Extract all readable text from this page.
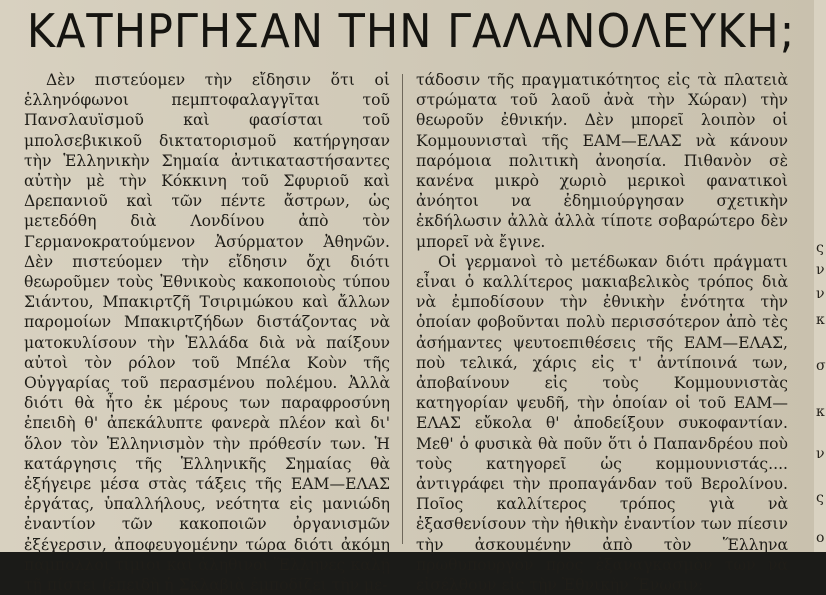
ΚΑΤΗΡΓΗΣΑΝ ΤΗΝ ΓΑΛΑΝΟΛΕΥΚΗ;

Δὲν πιστεύομεν τὴν εἴδησιν ὅτι οἱ ἑλληνόφωνοι πεμπτοφαλαγγῖται τοῦ Πανσλαυϊσμοῦ καὶ φασίσται τοῦ μπολσεβικικοῦ δικτατορισμοῦ κατήργησαν τὴν Ἑλληνικὴν Σημαία ἀντικαταστήσαντες αὐτὴν μὲ τὴν Κόκκινη τοῦ Σφυριοῦ καὶ Δρεπανιοῦ καὶ τῶν πέντε ἄστρων, ὡς μετεδόθη διὰ Λονδίνου ἀπὸ τὸν Γερμανοκρατούμενον Ἀσύρματον Ἀθηνῶν. Δὲν πιστεύομεν τὴν εἴδησιν ὄχι διότι θεωροῦμεν τοὺς Ἐθνικοὺς κακοποιοὺς τύπου Σιάντου, Μπακιρτζῆ Τσιριμώκου καὶ ἄλλων παρομοίων Μπακιρτζήδων διστάζοντας νὰ ματοκυλίσουν τὴν Ἑλλάδα διὰ νὰ παίξουν αὐτοὶ τὸν ρόλον τοῦ Μπέλα Κοὺν τῆς Οὐγγαρίας τοῦ περασμένου πολέμου. Ἀλλὰ διότι θὰ ἦτο ἐκ μέρους των παραφροσύνη ἐπειδὴ θ' ἀπεκάλυπτε φανερὰ πλέον καὶ δι' ὅλον τὸν Ἑλληνισμὸν τὴν πρόθεσίν των. Ἡ κατάργησις τῆς Ἑλληνικῆς Σημαίας θὰ ἐξήγειρε μέσα στὰς τάξεις τῆς ΕΑΜ—ΕΛΑΣ ἐργάτας, ὑπαλλήλους, νεότητα εἰς μανιώδη ἐναντίον τῶν κακοποιῶν ὀργανισμῶν ἐξέγερσιν, ἀποφευγομένην τώρα διότι ἀκόμη πάμπολλοι τίμιοι καὶ ἀληθινοὶ Ἕλληνες καλῇ τῇ πίστει (ἐπειδὴ ἡ Σκλαβιὰ ἐμποδίζει τὴν με-

τάδοσιν τῆς πραγματικότητος εἰς τὰ πλατειὰ στρώματα τοῦ λαοῦ ἀνὰ τὴν Χώραν) τὴν θεωροῦν ἐθνικήν. Δὲν μπορεῖ λοιπὸν οἱ Κομμουνισταὶ τῆς ΕΑΜ—ΕΛΑΣ νὰ κάνουν παρόμοια πολιτικὴ ἀνοησία. Πιθανὸν σὲ κανένα μικρὸ χωριὸ μερικοὶ φανατικοὶ ἀνόητοι να ἐδημιούργησαν σχετικὴν ἐκδήλωσιν ἀλλὰ ἀλλὰ τίποτε σοβαρώτερο δὲν μπορεῖ νὰ ἔγινε.

Οἱ γερμανοὶ τὸ μετέδωκαν διότι πράγματι εἶναι ὁ καλλίτερος μακιαβελικὸς τρόπος διὰ νὰ ἐμποδίσουν τὴν ἐθνικὴν ἑνότητα τὴν ὁποίαν φοβοῦνται πολὺ περισσότερον ἀπὸ τὲς ἀσήμαντες ψευτοεπιθέσεις τῆς ΕΑΜ—ΕΛΑΣ, ποὺ τελικά, χάρις εἰς τ' ἀντίποινά των, ἀποβαίνουν εἰς τοὺς Κομμουνιστὰς κατηγορίαν ψευδῆ, τὴν ὁποίαν οἱ τοῦ ΕΑΜ—ΕΛΑΣ εὔκολα θ' ἀποδείξουν συκοφαντίαν. Μεθ' ὁ φυσικὰ θὰ ποῦν ὅτι ὁ Παπανδρέου ποὺ τοὺς κατηγορεῖ ὡς κομμουνιστάς.... ἀντιγράφει τὴν προπαγάνδαν τοῦ Βερολίνου. Ποῖος καλλίτερος τρόπος γιὰ νὰ ἐξασθενίσουν τὴν ἠθικὴν ἐναντίον των πίεσιν τὴν ἀσκουμένην ἀπὸ τὸν Ἕλληνα πρωθυπουργὸν πρὸς ἐξαναγκασμὸν των νὰ εἰσέλθουν εἰς τὴν Ἐθνικὴν Ἕνωσιν;

ς
ν
ν
κ
σ
κ
ν
ς
ο
